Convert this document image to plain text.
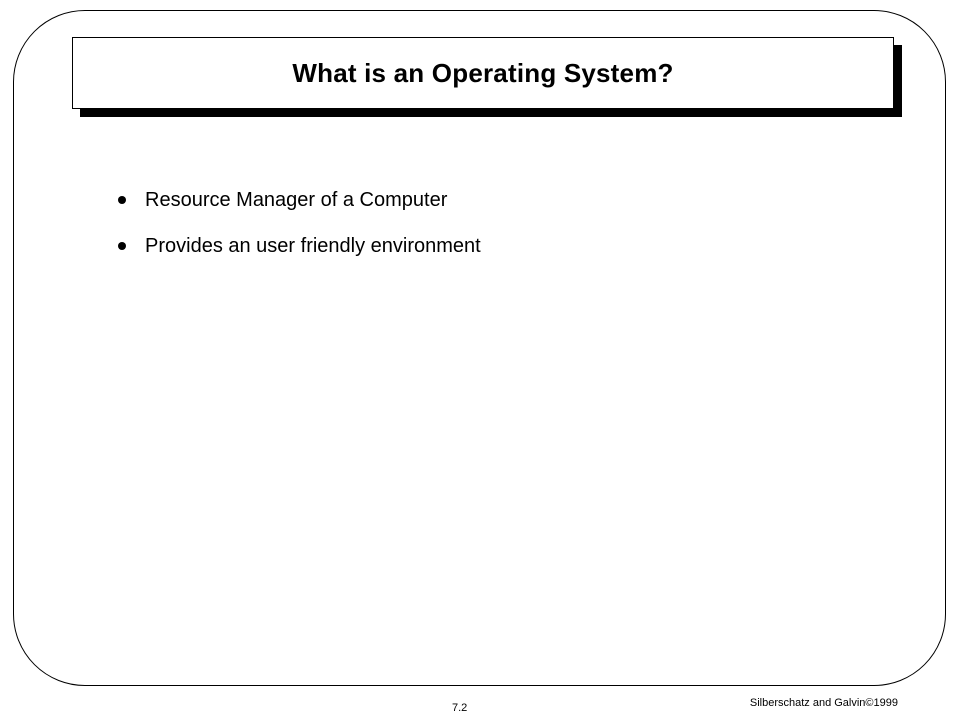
What is an Operating System?
Resource Manager of a Computer
Provides an user friendly environment
7.2	Silberschatz and Galvin©1999
